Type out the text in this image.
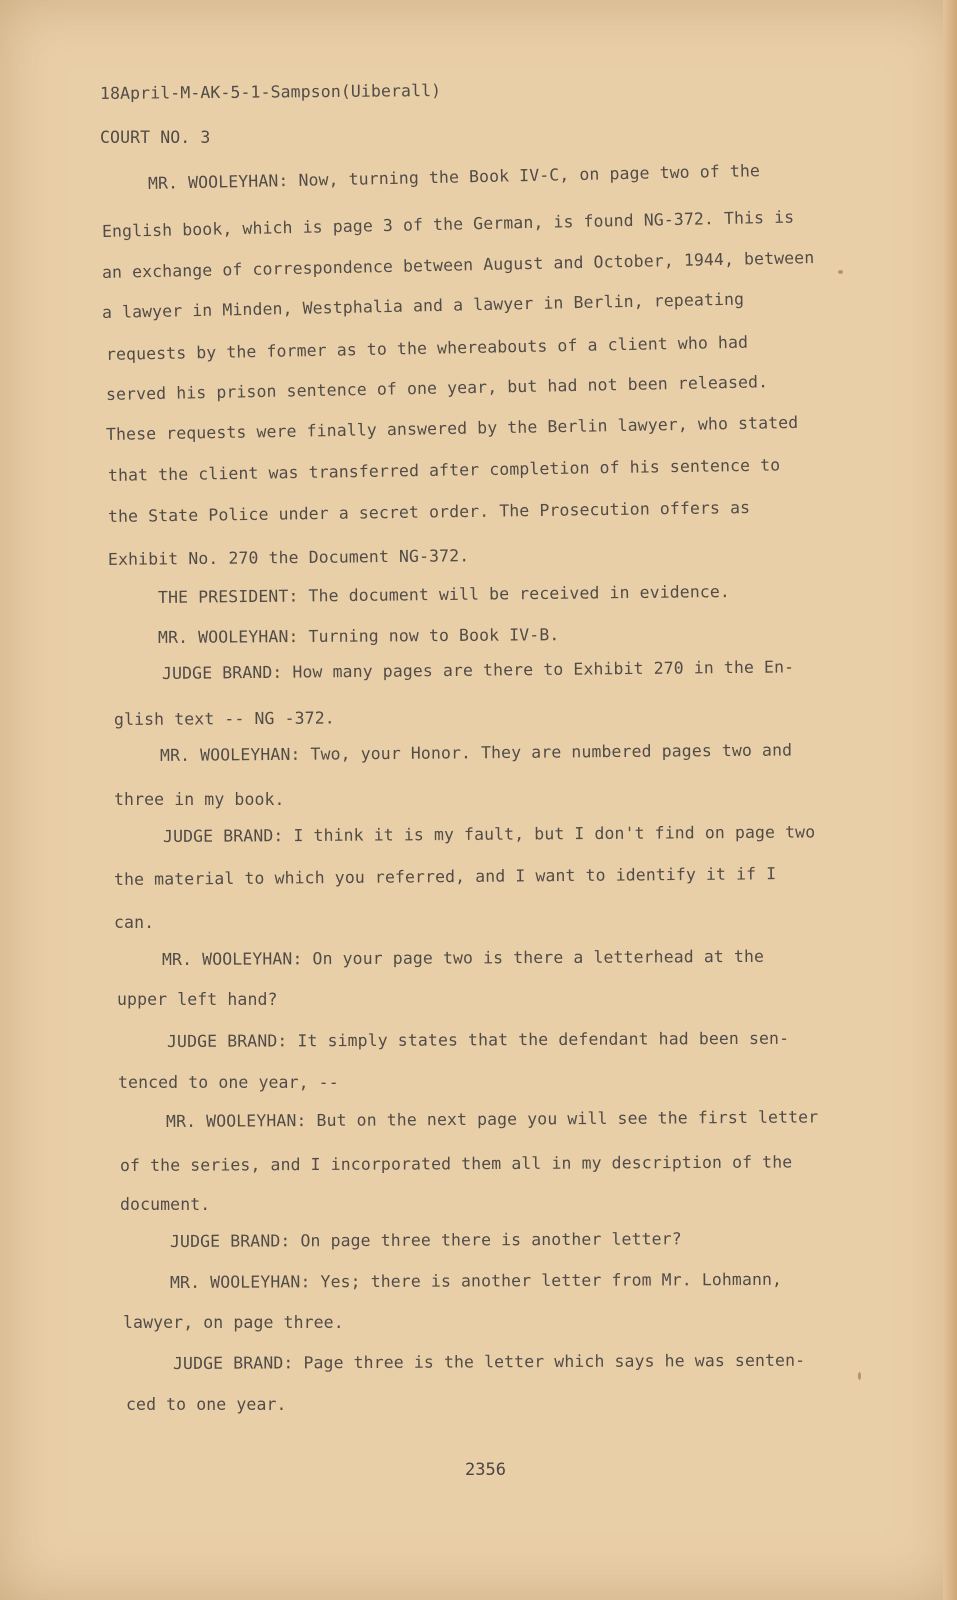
18April-M-AK-5-1-Sampson(Uiberall)
COURT NO. 3
MR. WOOLEYHAN: Now, turning the Book IV-C, on page two of the
English book, which is page 3 of the German, is found NG-372. This is
an exchange of correspondence between August and October, 1944, between
a lawyer in Minden, Westphalia and a lawyer in Berlin, repeating
requests by the former as to the whereabouts of a client who had
served his prison sentence of one year, but had not been released.
These requests were finally answered by the Berlin lawyer, who stated
that the client was transferred after completion of his sentence to
the State Police under a secret order. The Prosecution offers as
Exhibit No. 270 the Document NG-372.
THE PRESIDENT: The document will be received in evidence.
MR. WOOLEYHAN: Turning now to Book IV-B.
JUDGE BRAND: How many pages are there to Exhibit 270 in the En-
glish text -- NG -372.
MR. WOOLEYHAN: Two, your Honor. They are numbered pages two and
three in my book.
JUDGE BRAND: I think it is my fault, but I don't find on page two
the material to which you referred, and I want to identify it if I
can.
MR. WOOLEYHAN: On your page two is there a letterhead at the
upper left hand?
JUDGE BRAND: It simply states that the defendant had been sen-
tenced to one year, --
MR. WOOLEYHAN: But on the next page you will see the first letter
of the series, and I incorporated them all in my description of the
document.
JUDGE BRAND: On page three there is another letter?
MR. WOOLEYHAN: Yes; there is another letter from Mr. Lohmann,
lawyer, on page three.
JUDGE BRAND: Page three is the letter which says he was senten-
ced to one year.
2356
